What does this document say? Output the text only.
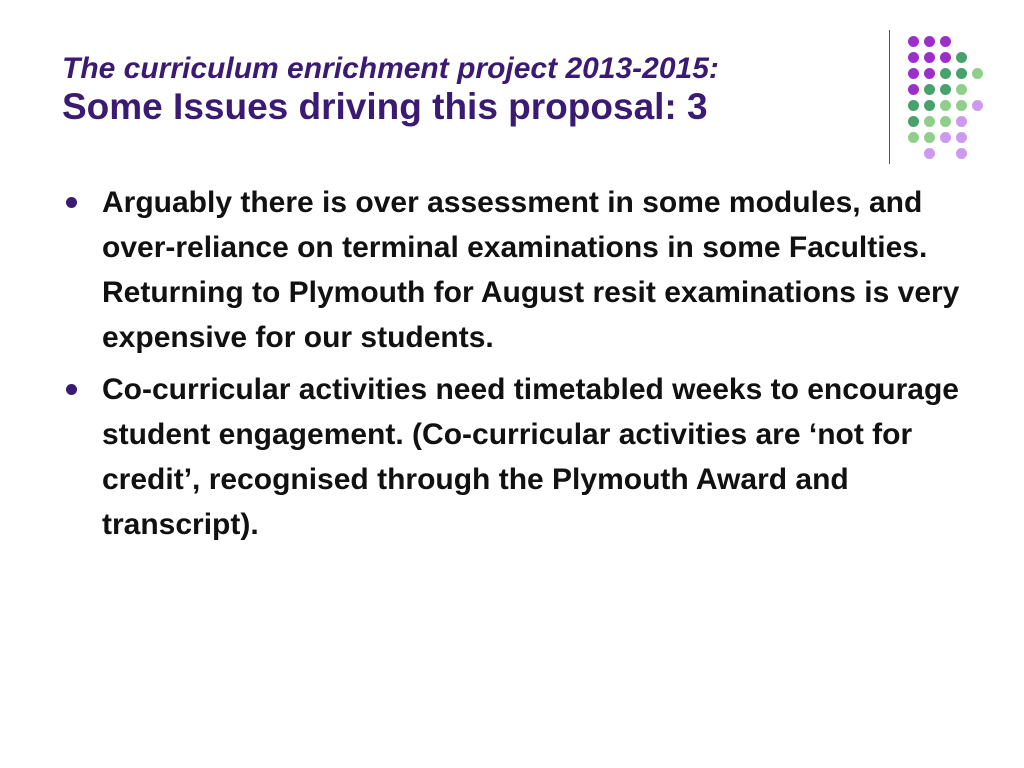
The curriculum enrichment project 2013-2015:
Some Issues driving this proposal: 3
Arguably there is over assessment in some modules, and over-reliance on terminal examinations in some Faculties. Returning to Plymouth for August resit examinations is very expensive for our students.
Co-curricular activities need timetabled weeks to encourage student engagement. (Co-curricular activities are ‘not for credit’, recognised through the Plymouth Award and transcript).
